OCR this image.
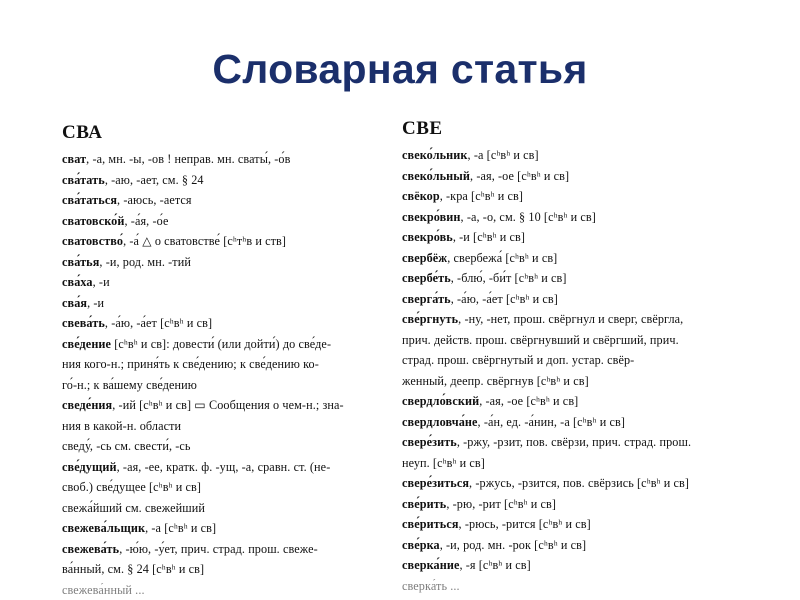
Словарная статья
СВА
сват, -а, мн. -ы, -ов ! неправ. мн. сваты́, -о́в
сва́тать, -аю, -ает, см. § 24
сва́таться, -аюсь, -ается
сватовско́й, -а́я, -о́е
сватовство́, -а́ △ о сватовстве́ [сʰтʰв и ств]
сва́тья, -и, род. мн. -тий
сва́ха, -и
сва́я, -и
свева́ть, -а́ю, -а́ет [сʰвʰ и св]
све́дение [сʰвʰ и св]: довести́ (или дойти́) до све́де-
ния кого-н.; приня́ть к све́дению; к све́дению ко-
го́-н.; к ва́шему све́дению
сведе́ния, -ий [сʰвʰ и св] ▭ Сообщения о чем-н.; зна-
ния в какой-н. области
сведу́, -сь см. свести́, -сь
све́дущий, -ая, -ее, кратк. ф. -ущ, -а, сравн. ст. (не-
своб.) све́дущее [сʰвʰ и св]
свежа́йший см. свежейший
свежева́льщик, -а [сʰвʰ и св]
свежева́ть, -ю́ю, -у́ет, прич. страд. прош. свеже-
ва́нный, см. § 24 [сʰвʰ и св]
свежева́нный ...
СВЕ
свеко́льник, -а [сʰвʰ и св]
свеко́льный, -ая, -ое [сʰвʰ и св]
свёкор, -кра [сʰвʰ и св]
свекро́вин, -а, -о, см. § 10 [сʰвʰ и св]
свекро́вь, -и [сʰвʰ и св]
свербёж, свербежа́ [сʰвʰ и св]
свербе́ть, -блю́, -би́т [сʰвʰ и св]
сверга́ть, -а́ю, -а́ет [сʰвʰ и св]
све́ргнуть, -ну, -нет, прош. свёргнул и сверг, свёргла,
прич. действ. прош. свёргнувший и свёргший, прич.
страд. прош. свёргнутый и доп. устар. свёр-
женный, деепр. свёргнув [сʰвʰ и св]
свердло́вский, -ая, -ое [сʰвʰ и св]
свердловча́не, -а́н, ед. -а́нин, -а [сʰвʰ и св]
свере́зить, -ржу, -рзит, пов. свёрзи, прич. страд. прош.
неуп. [сʰвʰ и св]
свере́зиться, -ржусь, -рзится, пов. свёрзись [сʰвʰ и св]
све́рить, -рю, -рит [сʰвʰ и св]
све́риться, -рюсь, -рится [сʰвʰ и св]
све́рка, -и, род. мн. -рок [сʰвʰ и св]
сверка́ние, -я [сʰвʰ и св]
сверка́ть ...
